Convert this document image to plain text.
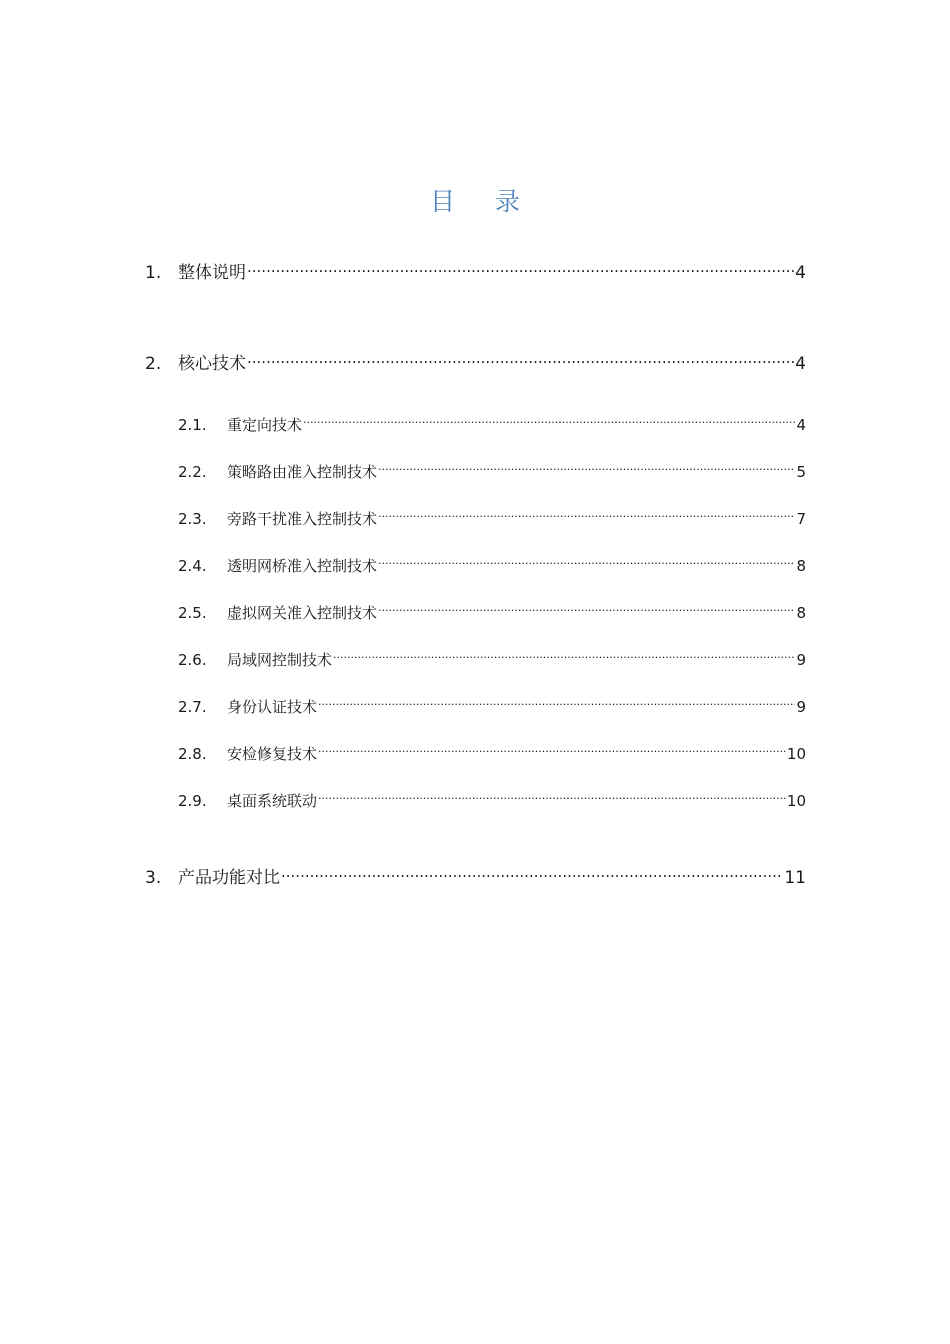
目 录
1. 整体说明 .....	4
2. 核心技术 .....	4
2.1.	重定向技术 .....	4
2.2.	策略路由准入控制技术 .....	5
2.3.	旁路干扰准入控制技术 .....	7
2.4.	透明网桥准入控制技术 .....	8
2.5.	虚拟网关准入控制技术 .....	8
2.6.	局域网控制技术 .....	9
2.7.	身份认证技术 .....	9
2.8.	安检修复技术 .....	10
2.9.	桌面系统联动 .....	10
3. 产品功能对比 .....	11
